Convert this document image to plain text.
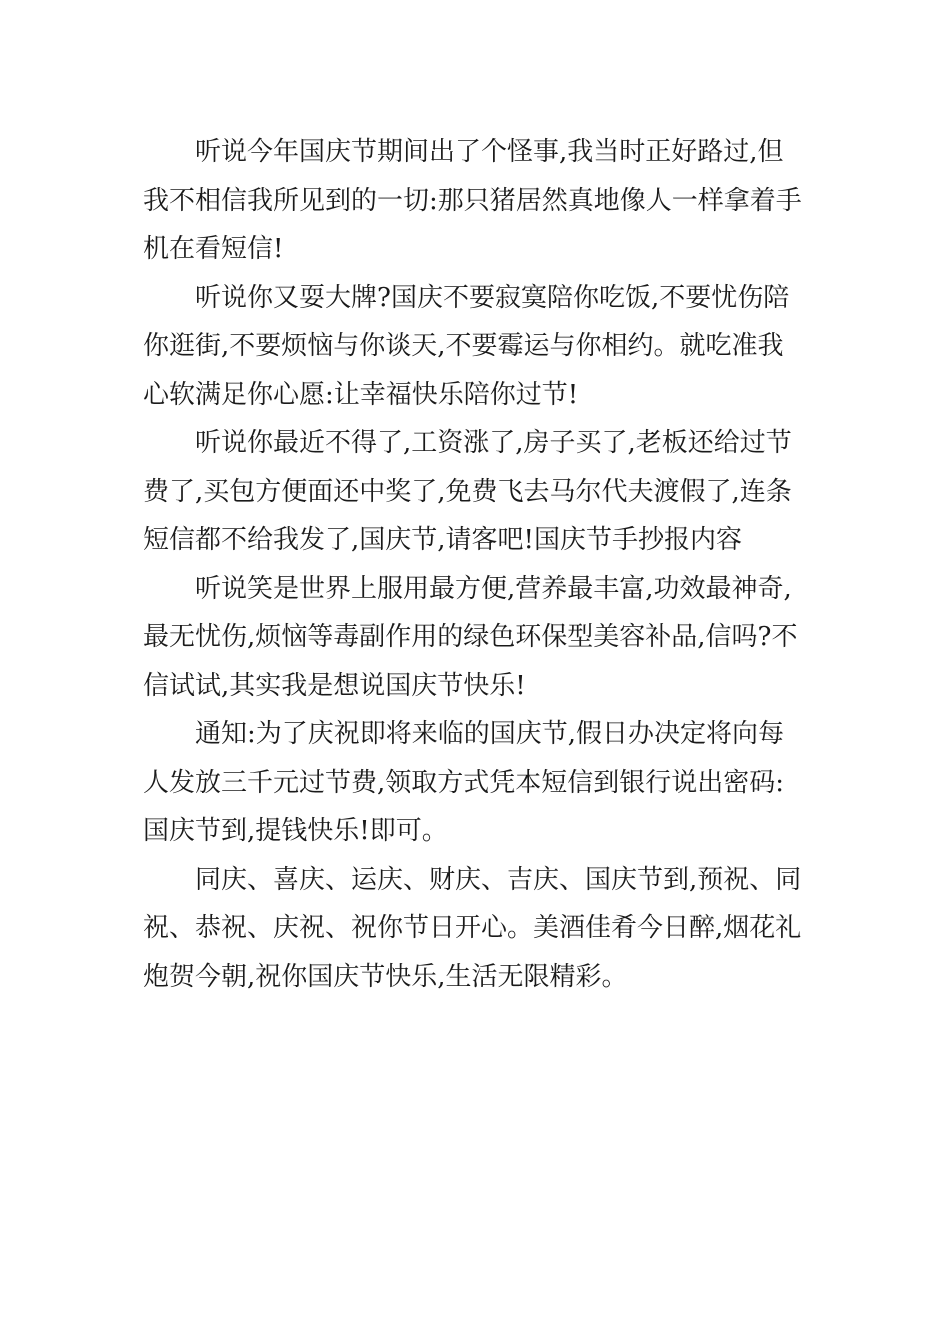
听说今年国庆节期间出了个怪事,我当时正好路过,但
我不相信我所见到的一切:那只猪居然真地像人一样拿着手
机在看短信!

听说你又耍大牌?国庆不要寂寞陪你吃饭,不要忧伤陪
你逛街,不要烦恼与你谈天,不要霉运与你相约。就吃准我
心软满足你心愿:让幸福快乐陪你过节!

听说你最近不得了,工资涨了,房子买了,老板还给过节
费了,买包方便面还中奖了,免费飞去马尔代夫渡假了,连条
短信都不给我发了,国庆节,请客吧!国庆节手抄报内容

听说笑是世界上服用最方便,营养最丰富,功效最神奇,
最无忧伤,烦恼等毒副作用的绿色环保型美容补品,信吗?不
信试试,其实我是想说国庆节快乐!

通知:为了庆祝即将来临的国庆节,假日办决定将向每
人发放三千元过节费,领取方式凭本短信到银行说出密码:
国庆节到,提钱快乐!即可。

同庆、喜庆、运庆、财庆、吉庆、国庆节到,预祝、同
祝、恭祝、庆祝、祝你节日开心。美酒佳肴今日醉,烟花礼
炮贺今朝,祝你国庆节快乐,生活无限精彩。
